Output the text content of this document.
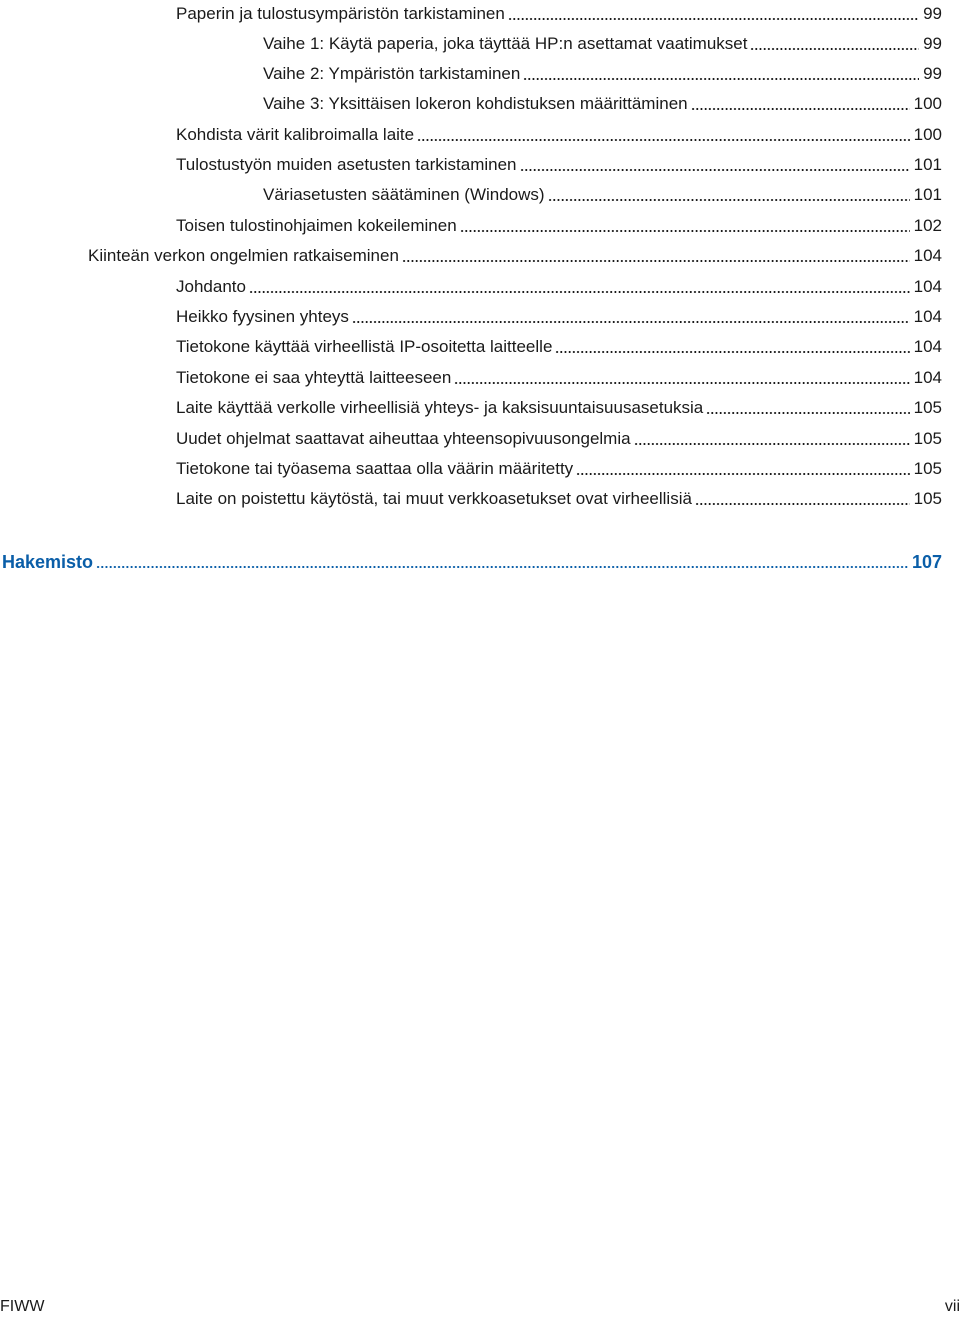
Paperin ja tulostusympäristön tarkistaminen	99
Vaihe 1: Käytä paperia, joka täyttää HP:n asettamat vaatimukset	99
Vaihe 2: Ympäristön tarkistaminen	99
Vaihe 3: Yksittäisen lokeron kohdistuksen määrittäminen	100
Kohdista värit kalibroimalla laite	100
Tulostustyön muiden asetusten tarkistaminen	101
Väriasetusten säätäminen (Windows)	101
Toisen tulostinohjaimen kokeileminen	102
Kiinteän verkon ongelmien ratkaiseminen	104
Johdanto	104
Heikko fyysinen yhteys	104
Tietokone käyttää virheellistä IP-osoitetta laitteelle	104
Tietokone ei saa yhteyttä laitteeseen	104
Laite käyttää verkolle virheellisiä yhteys- ja kaksisuuntaisuusasetuksia	105
Uudet ohjelmat saattavat aiheuttaa yhteensopivuusongelmia	105
Tietokone tai työasema saattaa olla väärin määritetty	105
Laite on poistettu käytöstä, tai muut verkkoasetukset ovat virheellisiä	105
Hakemisto	107
FIWW	vii
